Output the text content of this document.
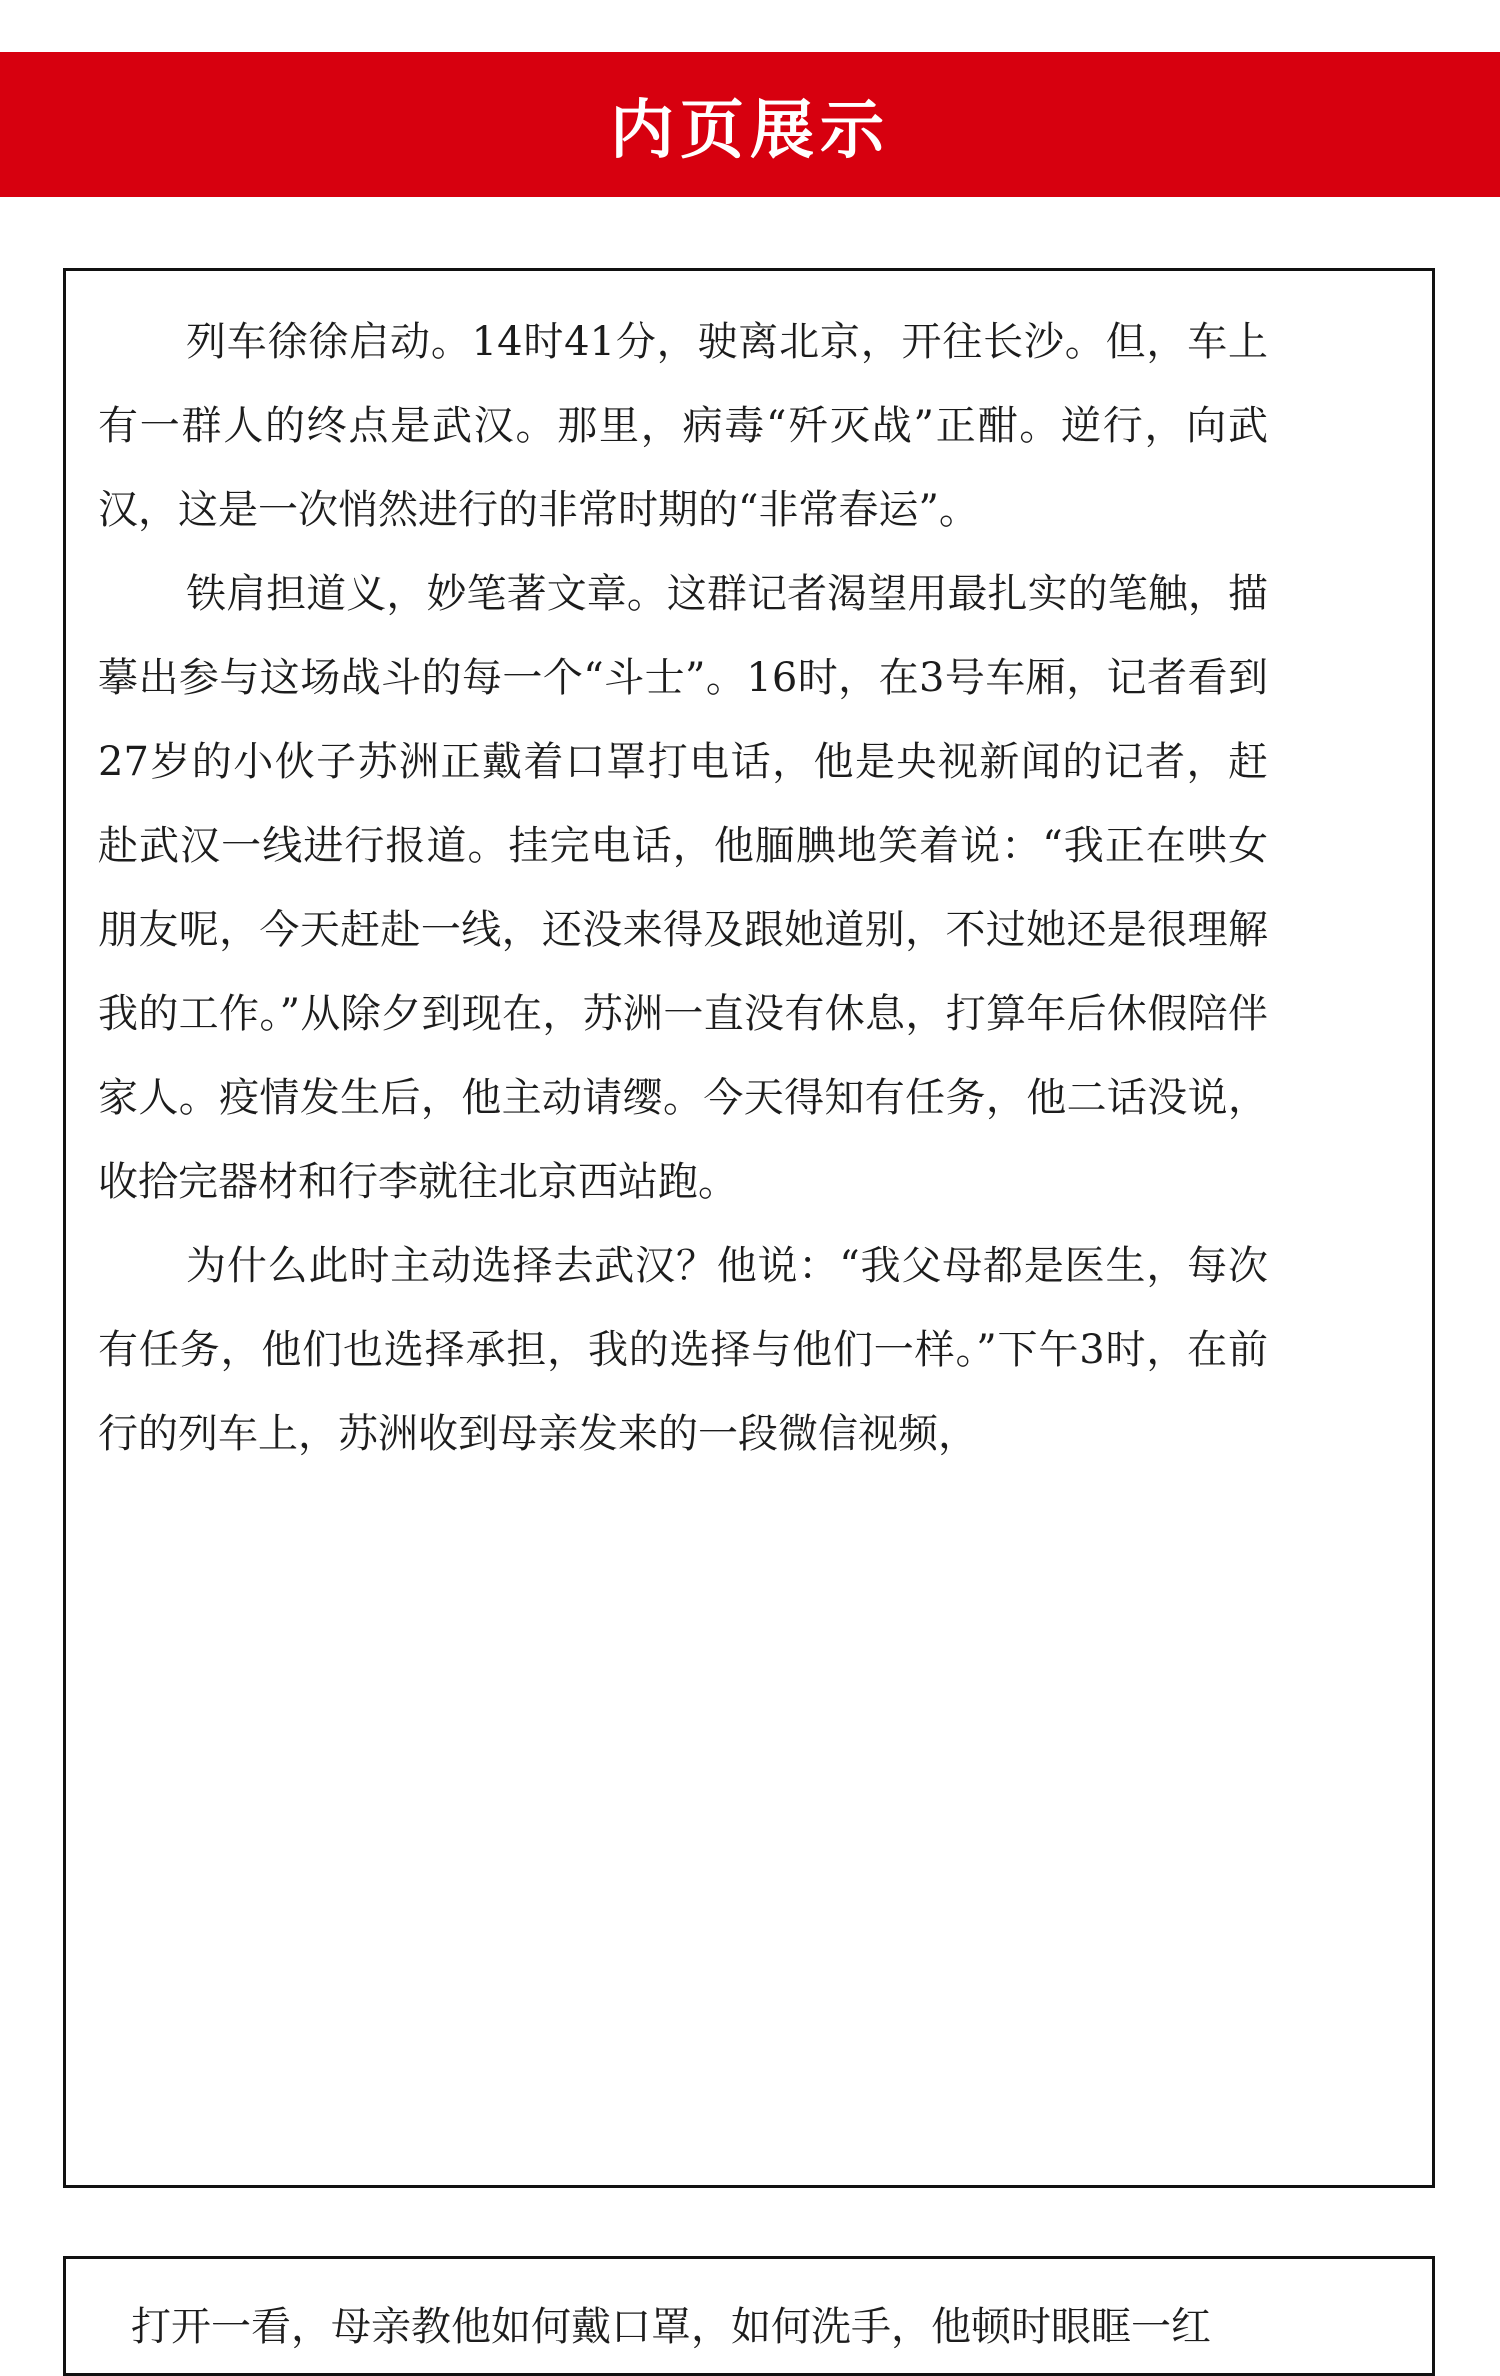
内页展示

列车徐徐启动。14时41分，驶离北京，开往长沙。但，车上有一群人的终点是武汉。那里，病毒“歼灭战”正酣。逆行，向武汉，这是一次悄然进行的非常时期的“非常春运”。

铁肩担道义，妙笔著文章。这群记者渴望用最扎实的笔触，描摹出参与这场战斗的每一个“斗士”。16时，在3号车厢，记者看到27岁的小伙子苏洲正戴着口罩打电话，他是央视新闻的记者，赶赴武汉一线进行报道。挂完电话，他腼腆地笑着说：“我正在哄女朋友呢，今天赶赴一线，还没来得及跟她道别，不过她还是很理解我的工作。”从除夕到现在，苏洲一直没有休息，打算年后休假陪伴家人。疫情发生后，他主动请缨。今天得知有任务，他二话没说，收拾完器材和行李就往北京西站跑。

为什么此时主动选择去武汉？他说：“我父母都是医生，每次有任务，他们也选择承担，我的选择与他们一样。”下午3时，在前行的列车上，苏洲收到母亲发来的一段微信视频，

打开一看，母亲教他如何戴口罩，如何洗手，他顿时眼眶一红
